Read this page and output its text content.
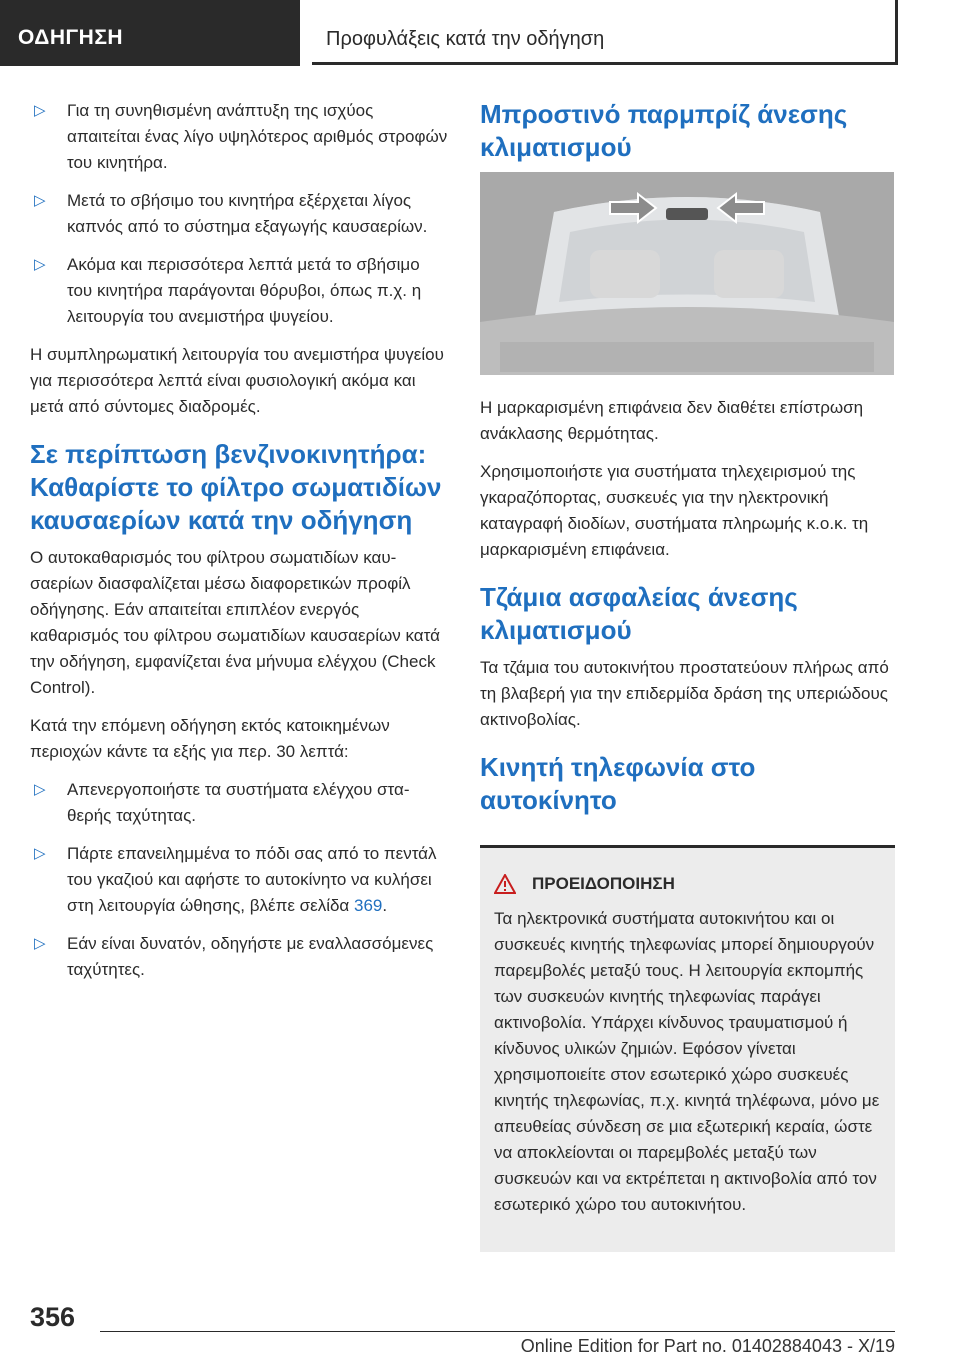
ΟΔΗΓΗΣΗ	Προφυλάξεις κατά την οδήγηση
▷ Για τη συνηθισμένη ανάπτυξη της ισχύος απαιτείται ένας λίγο υψηλότερος αριθμός στροφών του κινητήρα.
▷ Μετά το σβήσιμο του κινητήρα εξέρχεται λίγος καπνός από το σύστημα εξαγωγής καυσαερίων.
▷ Ακόμα και περισσότερα λεπτά μετά το σβήσιμο του κινητήρα παράγονται θόρυβοι, όπως π.χ. η λειτουργία του ανεμιστήρα ψυγείου.

Η συμπληρωματική λειτουργία του ανεμιστήρα ψυγείου για περισσότερα λεπτά είναι φυσιολογική ακόμα και μετά από σύντομες διαδρομές.

Σε περίπτωση βενζινοκινητήρα: Καθαρίστε το φίλτρο σωματιδίων καυσαερίων κατά την οδήγηση

Ο αυτοκαθαρισμός του φίλτρου σωματιδίων καυσαερίων διασφαλίζεται μέσω διαφορετικών προφίλ οδήγησης. Εάν απαιτείται επιπλέον ενεργός καθαρισμός του φίλτρου σωματιδίων καυσαερίων κατά την οδήγηση, εμφανίζεται ένα μήνυμα ελέγχου (Check Control).

Κατά την επόμενη οδήγηση εκτός κατοικημένων περιοχών κάντε τα εξής για περ. 30 λεπτά:

▷ Απενεργοποιήστε τα συστήματα ελέγχου σταθερής ταχύτητας.
▷ Πάρτε επανειλημμένα το πόδι σας από το πεντάλ του γκαζιού και αφήστε το αυτοκίνητο να κυλήσει στη λειτουργία ώθησης, βλέπε σελίδα 369.
▷ Εάν είναι δυνατόν, οδηγήστε με εναλλασσόμενες ταχύτητες.
Μπροστινό παρμπρίζ άνεσης κλιματισμού

Η μαρκαρισμένη επιφάνεια δεν διαθέτει επίστρωση ανάκλασης θερμότητας.

Χρησιμοποιήστε για συστήματα τηλεχειρισμού της γκαραζόπορτας, συσκευές για την ηλεκτρονική καταγραφή διοδίων, συστήματα πληρωμής κ.ο.κ. τη μαρκαρισμένη επιφάνεια.

Τζάμια ασφαλείας άνεσης κλιματισμού

Τα τζάμια του αυτοκινήτου προστατεύουν πλήρως από τη βλαβερή για την επιδερμίδα δράση της υπεριώδους ακτινοβολίας.

Κινητή τηλεφωνία στο αυτοκίνητο
ΠΡΟΕΙΔΟΠΟΙΗΣΗ
Τα ηλεκτρονικά συστήματα αυτοκινήτου και οι συσκευές κινητής τηλεφωνίας μπορεί δημιουργούν παρεμβολές μεταξύ τους. Η λειτουργία εκπομπής των συσκευών κινητής τηλεφωνίας παράγει ακτινοβολία. Υπάρχει κίνδυνος τραυματισμού ή κίνδυνος υλικών ζημιών. Εφόσον γίνεται χρησιμοποιείτε στον εσωτερικό χώρο συσκευές κινητής τηλεφωνίας, π.χ. κινητά τηλέφωνα, μόνο με απευθείας σύνδεση σε μια εξωτερική κεραία, ώστε να αποκλείονται οι παρεμβολές μεταξύ των συσκευών και να εκτρέπεται η ακτινοβολία από τον εσωτερικό χώρο του αυτοκινήτου.
356
Online Edition for Part no. 01402884043 - X/19
